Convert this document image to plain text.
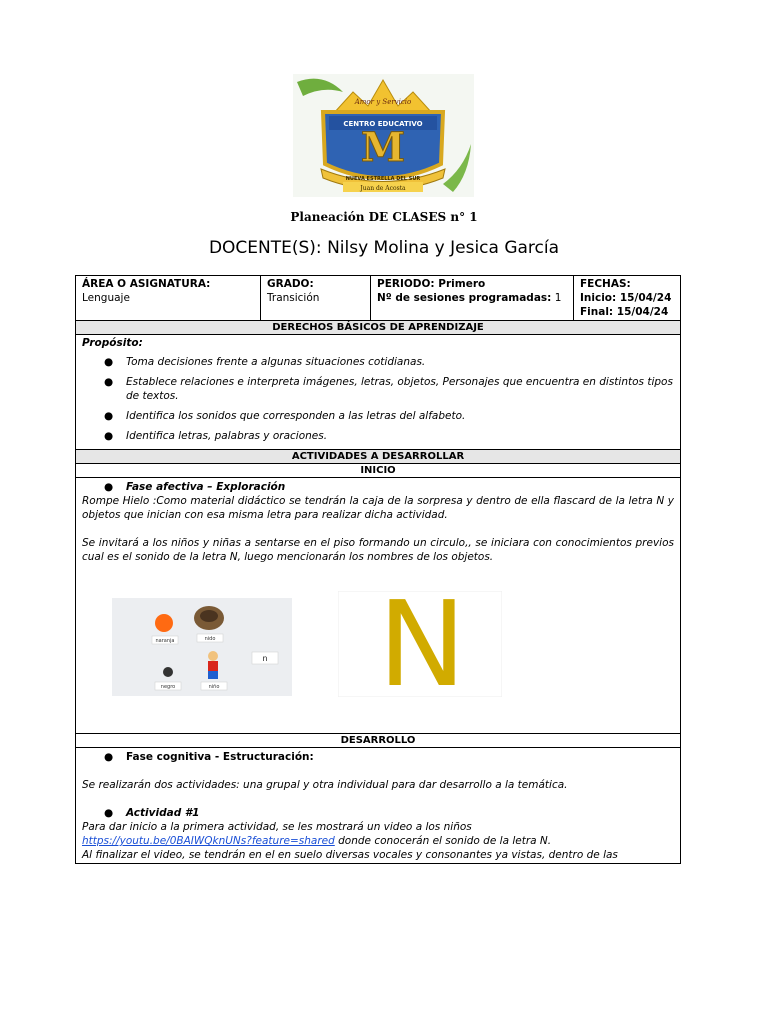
Amor y Servicio
CENTRO EDUCATIVO
M
NUEVA ESTRELLA DEL SUR
Juan de Acosta
Planeación DE CLASES n° 1
DOCENTE(S): Nilsy Molina y Jesica García
ÁREA O ASIGNATURA:
Lenguaje
GRADO:
Transición
PERIODO: Primero
Nº de sesiones programadas: 1
FECHAS:
Inicio: 15/04/24
Final: 15/04/24
DERECHOS BÁSICOS DE APRENDIZAJE
Propósito:
● Toma decisiones frente a algunas situaciones cotidianas.
● Establece relaciones e interpreta imágenes, letras, objetos, Personajes que encuentra en distintos tipos de textos.
● Identifica los sonidos que corresponden a las letras del alfabeto.
● Identifica letras, palabras y oraciones.
ACTIVIDADES A DESARROLLAR
INICIO
● Fase afectiva – Exploración

Rompe Hielo :Como material didáctico se tendrán la caja de la sorpresa y dentro de ella flascard de la letra N y objetos que inician con esa misma letra para realizar dicha actividad.

Se invitará a los niños y niñas a sentarse en el piso formando un circulo,, se iniciara con conocimientos previos cual es el sonido de la letra N, luego mencionarán los nombres de los objetos.

naranja	nido
n
negro	niño N
DESARROLLO
● Fase cognitiva - Estructuración:

Se realizarán dos actividades: una grupal y otra individual para dar desarrollo a la temática.

● Actividad #1

Para dar inicio a la primera actividad, se les mostrará un video a los niños

https://youtu.be/0BAIWQknUNs?feature=shared donde conocerán el sonido de la letra N.

Al finalizar el video, se tendrán en el en suelo diversas vocales y consonantes ya vistas, dentro de las
